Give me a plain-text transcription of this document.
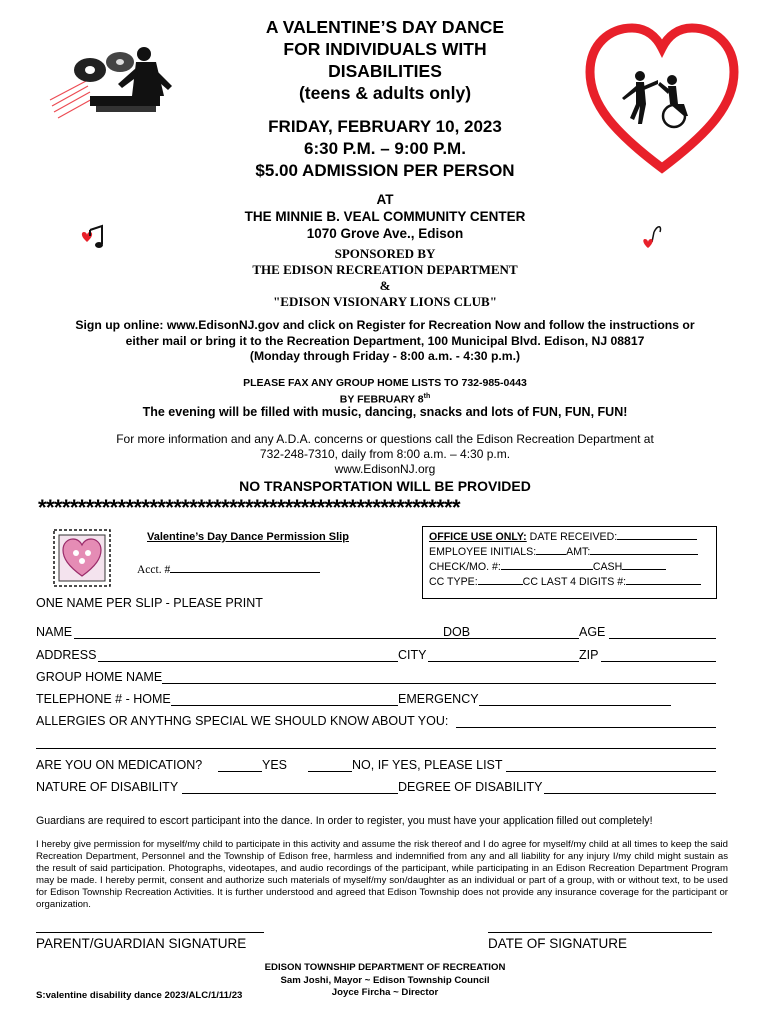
A VALENTINE’S DAY DANCE
FOR INDIVIDUALS WITH
DISABILITIES
(teens & adults only)
FRIDAY, FEBRUARY 10, 2023
6:30 P.M. – 9:00 P.M.
$5.00 ADMISSION PER PERSON
AT
THE MINNIE B. VEAL COMMUNITY CENTER
1070 Grove Ave., Edison
SPONSORED BY
THE EDISON RECREATION DEPARTMENT
&
"EDISON VISIONARY LIONS CLUB"
Sign up online: www.EdisonNJ.gov and click on Register for Recreation Now and follow the instructions or
either mail or bring it to the Recreation Department, 100 Municipal Blvd. Edison, NJ 08817
(Monday through Friday - 8:00 a.m. - 4:30 p.m.)
PLEASE FAX ANY GROUP HOME LISTS TO 732-985-0443
BY FEBRUARY 8th
The evening will be filled with music, dancing, snacks and lots of FUN, FUN, FUN!
For more information and any A.D.A. concerns or questions call the Edison Recreation Department at
732-248-7310, daily from 8:00 a.m. – 4:30 p.m.
www.EdisonNJ.org
NO TRANSPORTATION WILL BE PROVIDED
*****************************************************
Valentine’s Day Dance Permission Slip
Acct. #
OFFICE USE ONLY: DATE RECEIVED:
EMPLOYEE INITIALS:	AMT:
CHECK/MO. #:	CASH
CC TYPE:	CC LAST 4 DIGITS #:
ONE NAME PER SLIP - PLEASE PRINT
NAME	DOB	AGE
ADDRESS	CITY	ZIP
GROUP HOME NAME
TELEPHONE # - HOME	EMERGENCY
ALLERGIES OR ANYTHNG SPECIAL WE SHOULD KNOW ABOUT YOU:
ARE YOU ON MEDICATION?	YES	NO, IF YES, PLEASE LIST
NATURE OF DISABILITY	DEGREE OF DISABILITY
Guardians are required to escort participant into the dance. In order to register, you must have your application filled out completely!
I hereby give permission for myself/my child to participate in this activity and assume the risk thereof and I do agree for myself/my child at all times to keep the said Recreation Department, Personnel and the Township of Edison free, harmless and indemnified from any and all liability for any injury I/my child might sustain as the result of said participation. Photographs, videotapes, and audio recordings of the participant, while participating in an Edison Recreation Department Program may be made. I hereby permit, consent and authorize such materials of myself/my son/daughter as an individual or part of a group, with or without text, to be used for Edison Township Recreation Activities. It is further understood and agreed that Edison Township does not provide any insurance coverage for the participant or organization.
PARENT/GUARDIAN SIGNATURE	DATE OF SIGNATURE
EDISON TOWNSHIP DEPARTMENT OF RECREATION
Sam Joshi, Mayor ~ Edison Township Council
Joyce Fircha ~ Director
S:valentine disability dance 2023/ALC/1/11/23
